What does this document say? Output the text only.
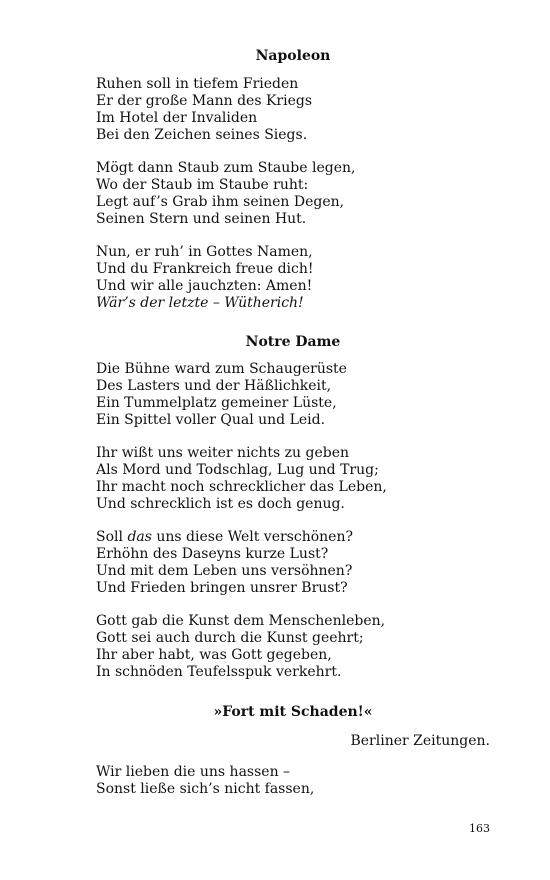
Napoleon
Ruhen soll in tiefem Frieden
Er der große Mann des Kriegs
Im Hotel der Invaliden
Bei den Zeichen seines Siegs.
Mögt dann Staub zum Staube legen,
Wo der Staub im Staube ruht:
Legt auf’s Grab ihm seinen Degen,
Seinen Stern und seinen Hut.
Nun, er ruh’ in Gottes Namen,
Und du Frankreich freue dich!
Und wir alle jauchzten: Amen!
Wär’s der letzte – Wütherich!
Notre Dame
Die Bühne ward zum Schaugerüste
Des Lasters und der Häßlichkeit,
Ein Tummelplatz gemeiner Lüste,
Ein Spittel voller Qual und Leid.
Ihr wißt uns weiter nichts zu geben
Als Mord und Todschlag, Lug und Trug;
Ihr macht noch schrecklicher das Leben,
Und schrecklich ist es doch genug.
Soll das uns diese Welt verschönen?
Erhöhn des Daseyns kurze Lust?
Und mit dem Leben uns versöhnen?
Und Frieden bringen unsrer Brust?
Gott gab die Kunst dem Menschenleben,
Gott sei auch durch die Kunst geehrt;
Ihr aber habt, was Gott gegeben,
In schnöden Teufelsspuk verkehrt.
»Fort mit Schaden!«
Berliner Zeitungen.
Wir lieben die uns hassen –
Sonst ließe sich’s nicht fassen,
163
